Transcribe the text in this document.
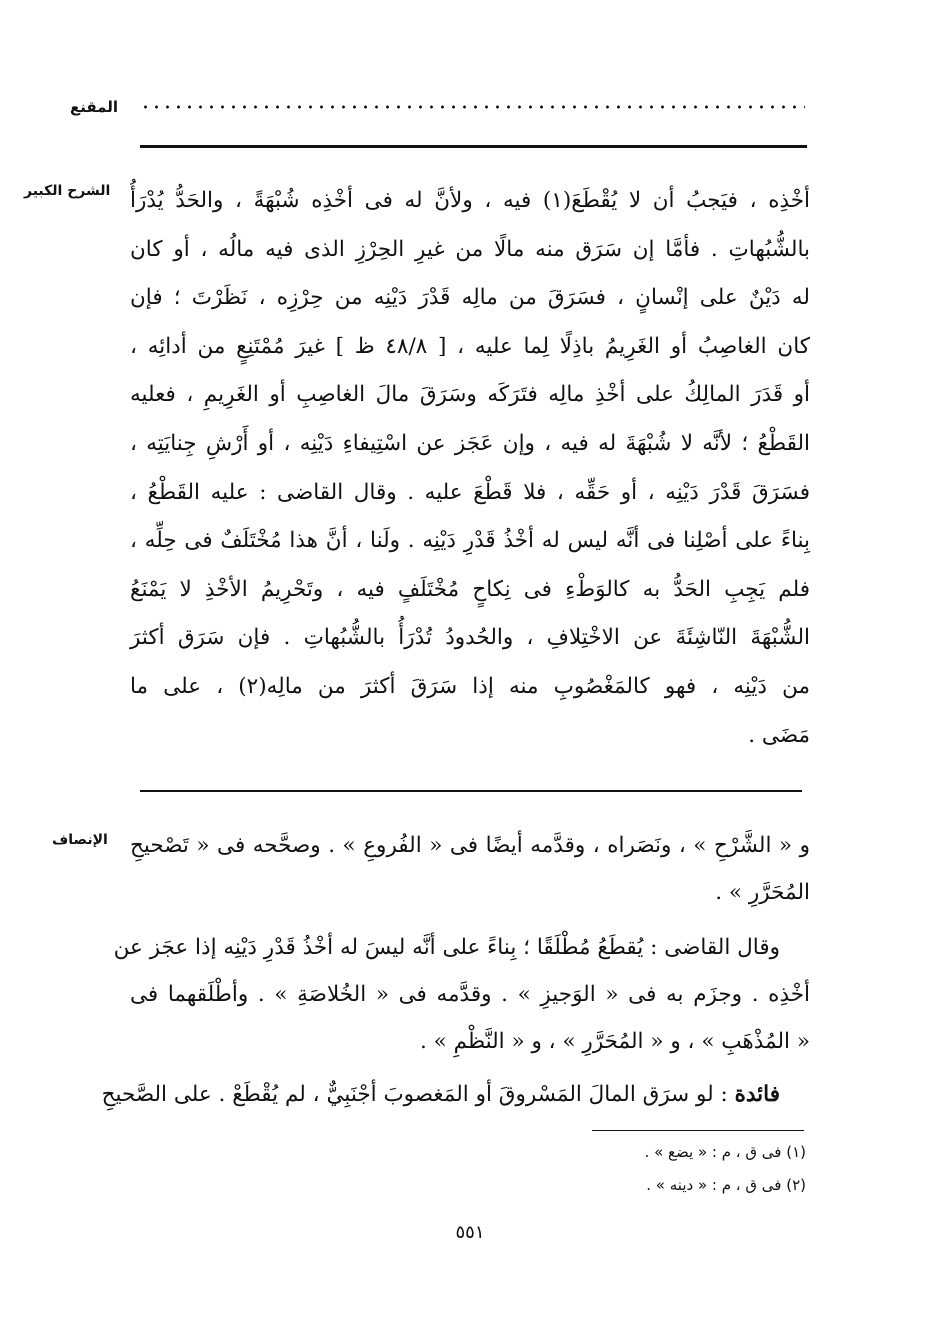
المقنع
الشرح الكبير أخْذِه ، فيَجبُ أن لا يُقْطَعَ(١) فيه ، ولأنَّ له فى أخْذِه شُبْهَةً ، والحَدُّ يُدْرَأُ
بالشُّبُهاتِ . فأمَّا إن سَرَق منه مالًا من غيرِ الحِرْزِ الذى فيه مالُه ، أو كان
له دَيْنٌ على إنْسانٍ ، فسَرَقَ من مالِه قَدْرَ دَيْنِه من حِرْزِه ، نَظَرْتَ ؛ فإن
كان الغاصِبُ أو الغَرِيمُ باذِلًا لِما عليه ، [ ٤٨/٨ ظ ] غيرَ مُمْتَنِعٍ من أدائِه ،
أو قَدَرَ المالِكُ على أخْذِ مالِه فتَرَكَه وسَرَقَ مالَ الغاصِبِ أو الغَرِيمِ ، فعليه
القَطْعُ ؛ لأنَّه لا شُبْهَةَ له فيه ، وإن عَجَز عن اسْتِيفاءِ دَيْنِه ، أو أَرْشِ جِنايَتِه ،
فسَرَقَ قَدْرَ دَيْنِه ، أو حَقِّه ، فلا قَطْعَ عليه . وقال القاضى : عليه القَطْعُ ،
بِناءً على أصْلِنا فى أنَّه ليس له أخْذُ قَدْرِ دَيْنِه . ولَنا ، أنَّ هذا مُخْتَلَفٌ فى حِلِّه ،
فلم يَجِبِ الحَدُّ به كالوَطْءِ فى نِكاحٍ مُخْتَلَفٍ فيه ، وتَحْرِيمُ الأخْذِ لا يَمْنَعُ
الشُّبْهَةَ النّاشِئَةَ عن الاخْتِلافِ ، والحُدودُ تُدْرَأُ بالشُّبُهاتِ . فإن سَرَق أكثرَ
من دَيْنِه ، فهو كالمَغْصُوبِ منه إذا سَرَقَ أكثرَ من مالِه(٢) ، على ما
مَضَى .
الإنصاف و « الشَّرْحِ » ، ونَصَراه ، وقدَّمه أيضًا فى « الفُروعِ » . وصحَّحه فى « تَصْحيحِ
المُحَرَّرِ » .
وقال القاضى : يُقطَعُ مُطْلَقًا ؛ بِناءً على أنَّه ليسَ له أخْذُ قَدْرِ دَيْنِه إذا عجَز عن
أخْذِه . وجزَم به فى « الوَجيزِ » . وقدَّمه فى « الخُلاصَةِ » . وأطْلَقهما فى
« المُذْهَبِ » ، و « المُحَرَّرِ » ، و « النَّظْمِ » .
فائدة : لو سرَق المالَ المَسْروقَ أو المَغصوبَ أجْنَبِيٌّ ، لم يُقْطَعْ . على الصَّحيحِ
(١) فى ق ، م : « يضع » .
(٢) فى ق ، م : « دينه » .
٥٥١
